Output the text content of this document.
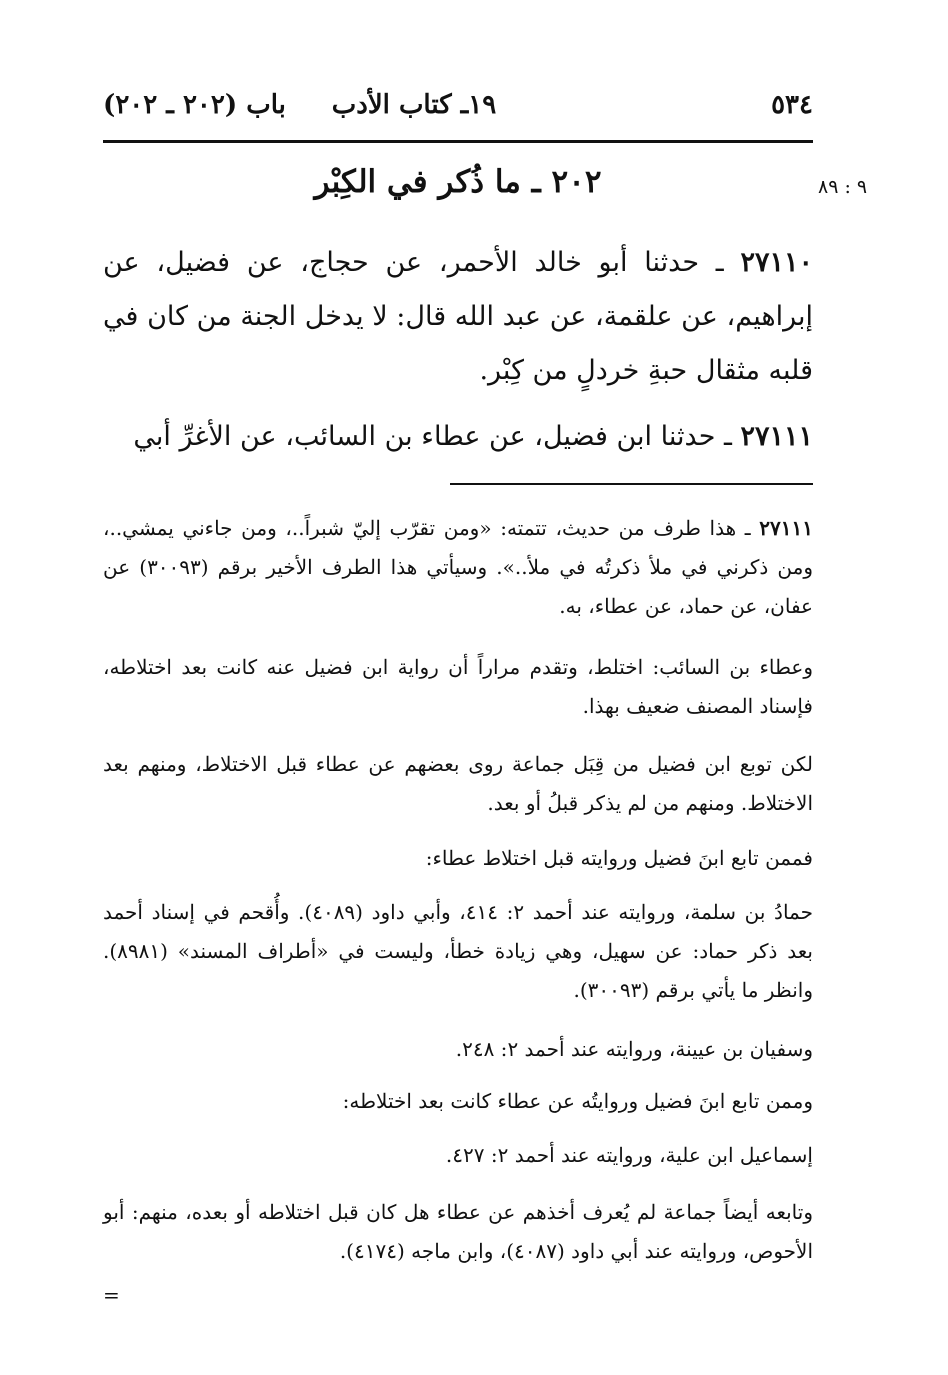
٥٣٤
١٩ـ كتاب الأدب
باب (٢٠٢ ـ ٢٠٢)
٩ : ٨٩
٢٠٢ ـ ما ذُكر في الكِبْر
٢٧١١٠ ـ حدثنا أبو خالد الأحمر، عن حجاج، عن فضيل، عن إبراهيم، عن علقمة، عن عبد الله قال: لا يدخل الجنة من كان في قلبه مثقال حبةِ خردلٍ من كِبْر.
٢٧١١١ ـ حدثنا ابن فضيل، عن عطاء بن السائب، عن الأغرِّ أبي
٢٧١١١ ـ هذا طرف من حديث، تتمته: «ومن تقرّب إليّ شبراً..، ومن جاءني يمشي..، ومن ذكرني في ملأ ذكرتُه في ملأ..». وسيأتي هذا الطرف الأخير برقم (٣٠٠٩٣) عن عفان، عن حماد، عن عطاء، به.
وعطاء بن السائب: اختلط، وتقدم مراراً أن رواية ابن فضيل عنه كانت بعد اختلاطه، فإسناد المصنف ضعيف بهذا.
لكن توبع ابن فضيل من قِبَل جماعة روى بعضهم عن عطاء قبل الاختلاط، ومنهم بعد الاختلاط. ومنهم من لم يذكر قبلُ أو بعد.
فممن تابع ابنَ فضيل وروايته قبل اختلاط عطاء:
حمادُ بن سلمة، وروايته عند أحمد ٢: ٤١٤، وأبي داود (٤٠٨٩). وأُقحم في إسناد أحمد بعد ذكر حماد: عن سهيل، وهي زيادة خطأ، وليست في «أطراف المسند» (٨٩٨١). وانظر ما يأتي برقم (٣٠٠٩٣).
وسفيان بن عيينة، وروايته عند أحمد ٢: ٢٤٨.
وممن تابع ابنَ فضيل وروايتُه عن عطاء كانت بعد اختلاطه:
إسماعيل ابن علية، وروايته عند أحمد ٢: ٤٢٧.
وتابعه أيضاً جماعة لم يُعرف أخذهم عن عطاء هل كان قبل اختلاطه أو بعده، منهم: أبو الأحوص، وروايته عند أبي داود (٤٠٨٧)، وابن ماجه (٤١٧٤).
=
